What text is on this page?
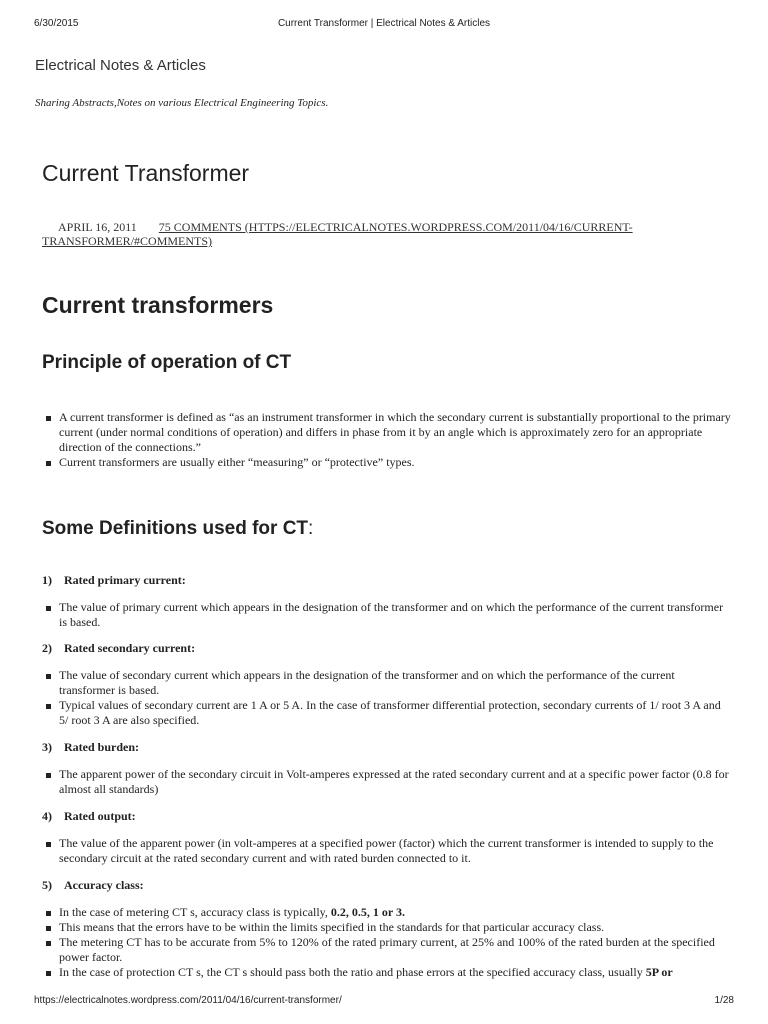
6/30/2015	Current Transformer | Electrical Notes & Articles
Electrical Notes & Articles
Sharing Abstracts,Notes on various Electrical Engineering Topics.
Current Transformer
APRIL 16, 2011 75 COMMENTS (HTTPS://ELECTRICALNOTES.WORDPRESS.COM/2011/04/16/CURRENT-TRANSFORMER/#COMMENTS)
Current transformers
Principle of operation of CT
A current transformer is defined as “as an instrument transformer in which the secondary current is substantially proportional to the primary current (under normal conditions of operation) and differs in phase from it by an angle which is approximately zero for an appropriate direction of the connections.”
Current transformers are usually either “measuring” or “protective” types.
Some Definitions used for CT:
1) Rated primary current:
The value of primary current which appears in the designation of the transformer and on which the performance of the current transformer is based.
2) Rated secondary current:
The value of secondary current which appears in the designation of the transformer and on which the performance of the current transformer is based.
Typical values of secondary current are 1 A or 5 A. In the case of transformer differential protection, secondary currents of 1/ root 3 A and 5/ root 3 A are also specified.
3) Rated burden:
The apparent power of the secondary circuit in Volt-amperes expressed at the rated secondary current and at a specific power factor (0.8 for almost all standards)
4) Rated output:
The value of the apparent power (in volt-amperes at a specified power (factor) which the current transformer is intended to supply to the secondary circuit at the rated secondary current and with rated burden connected to it.
5) Accuracy class:
In the case of metering CT s, accuracy class is typically, 0.2, 0.5, 1 or 3.
This means that the errors have to be within the limits specified in the standards for that particular accuracy class.
The metering CT has to be accurate from 5% to 120% of the rated primary current, at 25% and 100% of the rated burden at the specified power factor.
In the case of protection CT s, the CT s should pass both the ratio and phase errors at the specified accuracy class, usually 5P or
https://electricalnotes.wordpress.com/2011/04/16/current-transformer/	1/28
